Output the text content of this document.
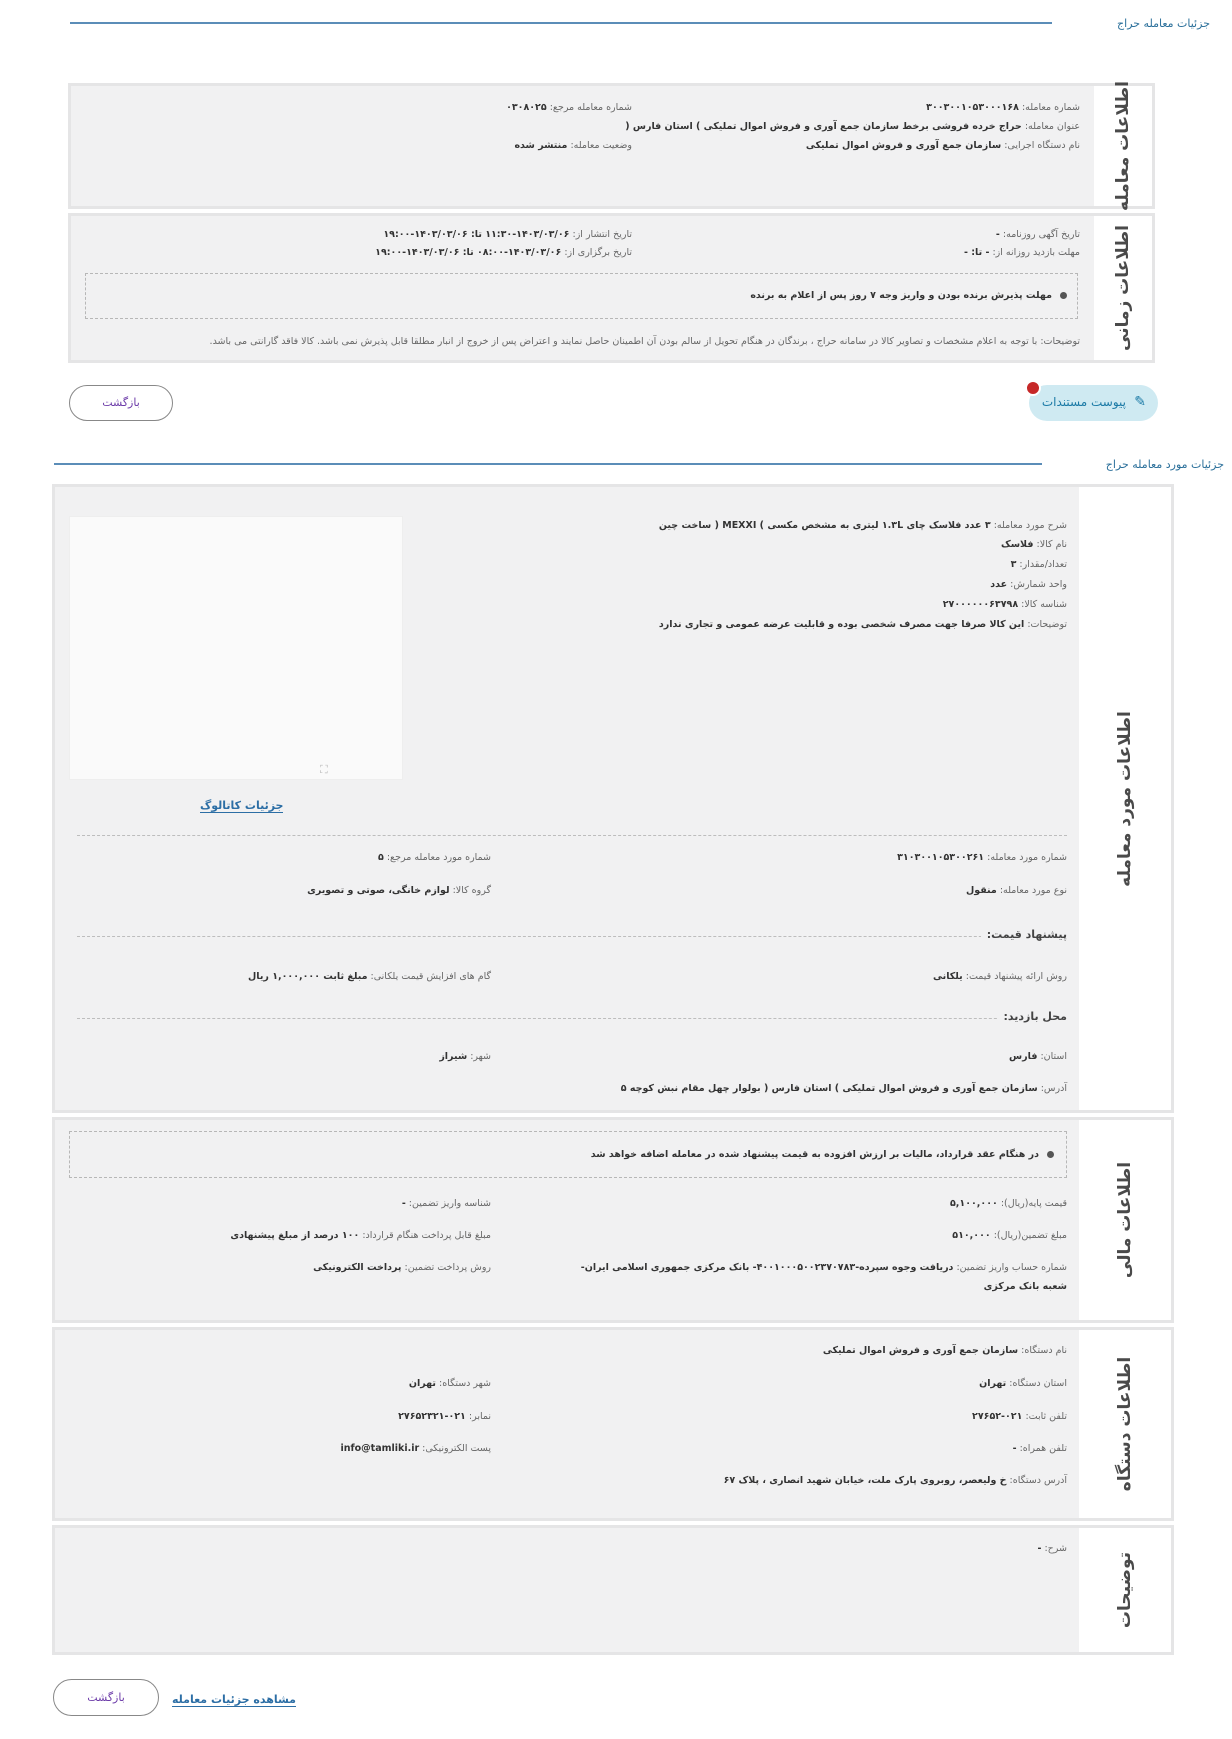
جزئیات معامله حراج
اطلاعات معامله
شماره معامله: ۳۰۰۳۰۰۱۰۵۳۰۰۰۱۶۸
عنوان معامله: حراج خرده فروشی برخط سازمان جمع آوری و فروش اموال تملیکی ) استان فارس (
نام دستگاه اجرایی: سازمان جمع آوری و فروش اموال تملیکی
شماره معامله مرجع: ۰۳۰۸۰۲۵
وضعیت معامله: منتشر شده
اطلاعات زمانی
تاریخ آگهی روزنامه: -
مهلت بازدید روزانه از: - تا: -
تاریخ انتشار از: ۱۴۰۳/۰۳/۰۶-۱۱:۳۰ تا: ۱۴۰۳/۰۳/۰۶-۱۹:۰۰
تاریخ برگزاری از: ۱۴۰۳/۰۳/۰۶-۰۸:۰۰ تا: ۱۴۰۳/۰۳/۰۶-۱۹:۰۰
مهلت پذیرش برنده بودن و واریز وجه ۷ روز پس از اعلام به برنده
توضیحات: با توجه به اعلام مشخصات و تصاویر کالا در سامانه حراج ، برندگان در هنگام تحویل از سالم بودن آن اطمینان حاصل نمایند و اعتراض پس از خروج از انبار مطلقا قابل پذیرش نمی باشد. کالا فاقد گارانتی می باشد.
✎
پیوست مستندات
بازگشت
جزئیات مورد معامله حراج
اطلاعات مورد معامله
شرح مورد معامله: ۳ عدد فلاسک چای ۱.۳L لیتری به مشخص مکسی ) MEXXI ( ساخت چین
نام کالا: فلاسک
تعداد/مقدار: ۳
واحد شمارش: عدد
شناسه کالا: ۲۷۰۰۰۰۰۰۶۳۷۹۸
توضیحات: این کالا صرفا جهت مصرف شخصی بوده و قابلیت عرضه عمومی و تجاری ندارد
⛶
جزئیات کاتالوگ
شماره مورد معامله: ۳۱۰۳۰۰۱۰۵۳۰۰۲۶۱
شماره مورد معامله مرجع: ۵
نوع مورد معامله: منقول
گروه کالا: لوازم خانگی، صوتی و تصویری
پیشنهاد قیمت:
روش ارائه پیشنهاد قیمت: یلکانی
گام های افزایش قیمت یلکانی: مبلغ ثابت ۱,۰۰۰,۰۰۰ ریال
محل بازدید:
استان: فارس
شهر: شیراز
آدرس: سازمان جمع آوری و فروش اموال تملیکی ) استان فارس ( بولوار چهل مقام نبش کوچه ۵
اطلاعات مالی
در هنگام عقد قرارداد، مالیات بر ارزش افزوده به قیمت پیشنهاد شده در معامله اضافه خواهد شد
قیمت پایه(ریال): ۵,۱۰۰,۰۰۰
شناسه واریز تضمین: -
مبلغ تضمین(ریال): ۵۱۰,۰۰۰
مبلغ قابل پرداخت هنگام قرارداد: ۱۰۰ درصد از مبلغ پیشنهادی
شماره حساب واریز تضمین: دریافت وجوه سپرده-۴۰۰۱۰۰۰۵۰۰۲۳۷۰۷۸۳- بانک مرکزی جمهوری اسلامی ایران-
شعبه بانک مرکزی
روش پرداخت تضمین: پرداخت الکترونیکی
اطلاعات دستگاه
نام دستگاه: سازمان جمع آوری و فروش اموال تملیکی
استان دستگاه: تهران
شهر دستگاه: تهران
تلفن ثابت: ۰۲۱-۲۷۶۵۲
نمابر: ۰۲۱-۲۷۶۵۲۳۲۱
تلفن همراه: -
پست الکترونیکی: info@tamliki.ir
آدرس دستگاه: خ ولیعصر، روبروی پارک ملت، خیابان شهید انصاری ، پلاک ۶۷
توضیحات
شرح: -
مشاهده جزئیات معامله
بازگشت
